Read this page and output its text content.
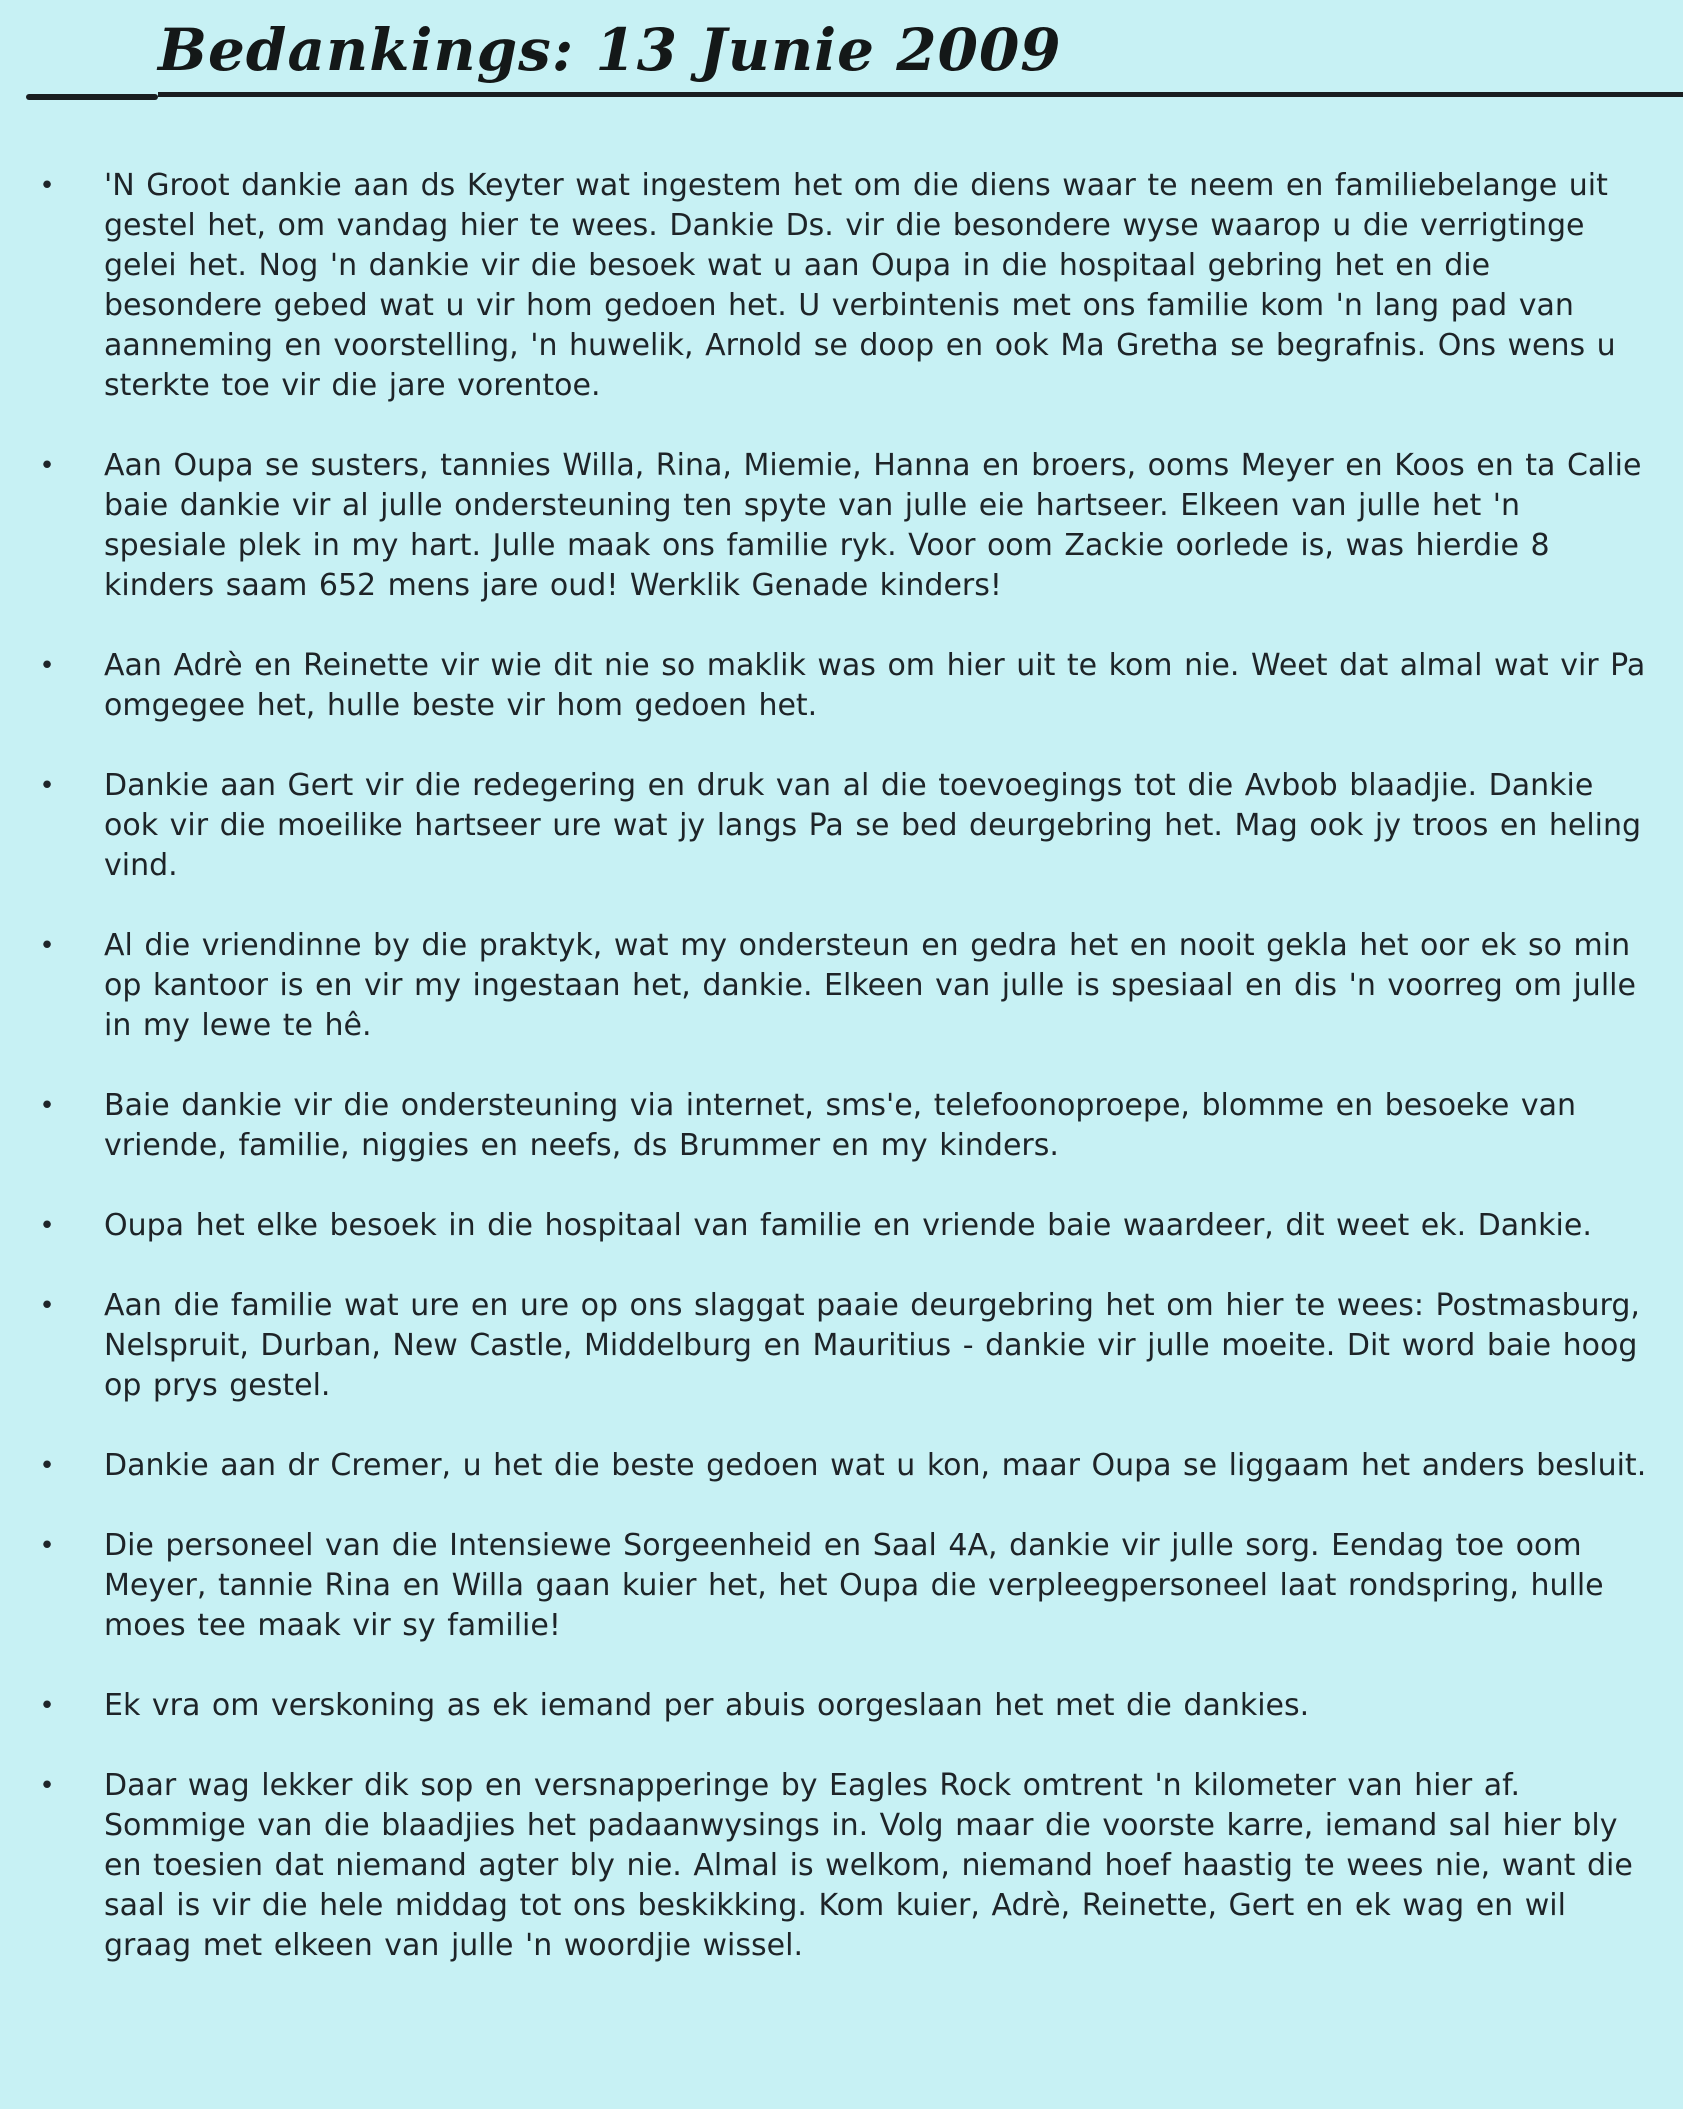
Bedankings: 13 Junie 2009
• 'N Groot dankie aan ds Keyter wat ingestem het om die diens waar te neem en familiebelange uit gestel het, om vandag hier te wees. Dankie Ds. vir die besondere wyse waarop u die verrigtinge gelei het. Nog 'n dankie vir die besoek wat u aan Oupa in die hospitaal gebring het en die besondere gebed wat u vir hom gedoen het. U verbintenis met ons familie kom 'n lang pad van aanneming en voorstelling, 'n huwelik, Arnold se doop en ook Ma Gretha se begrafnis. Ons wens u sterkte toe vir die jare vorentoe.
• Aan Oupa se susters, tannies Willa, Rina, Miemie, Hanna en broers, ooms Meyer en Koos en ta Calie baie dankie vir al julle ondersteuning ten spyte van julle eie hartseer. Elkeen van julle het 'n spesiale plek in my hart. Julle maak ons familie ryk. Voor oom Zackie oorlede is, was hierdie 8 kinders saam 652 mens jare oud! Werklik Genade kinders!
• Aan Adrè en Reinette vir wie dit nie so maklik was om hier uit te kom nie. Weet dat almal wat vir Pa omgegee het, hulle beste vir hom gedoen het.
• Dankie aan Gert vir die redegering en druk van al die toevoegings tot die Avbob blaadjie. Dankie ook vir die moeilike hartseer ure wat jy langs Pa se bed deurgebring het. Mag ook jy troos en heling vind.
• Al die vriendinne by die praktyk, wat my ondersteun en gedra het en nooit gekla het oor ek so min op kantoor is en vir my ingestaan het, dankie. Elkeen van julle is spesiaal en dis 'n voorreg om julle in my lewe te hê.
• Baie dankie vir die ondersteuning via internet, sms'e, telefoonoproepe, blomme en besoeke van vriende, familie, niggies en neefs, ds Brummer en my kinders.
• Oupa het elke besoek in die hospitaal van familie en vriende baie waardeer, dit weet ek. Dankie.
• Aan die familie wat ure en ure op ons slaggat paaie deurgebring het om hier te wees: Postmasburg, Nelspruit, Durban, New Castle, Middelburg en Mauritius - dankie vir julle moeite. Dit word baie hoog op prys gestel.
• Dankie aan dr Cremer, u het die beste gedoen wat u kon, maar Oupa se liggaam het anders besluit.
• Die personeel van die Intensiewe Sorgeenheid en Saal 4A, dankie vir julle sorg. Eendag toe oom Meyer, tannie Rina en Willa gaan kuier het, het Oupa die verpleegpersoneel laat rondspring, hulle moes tee maak vir sy familie!
• Ek vra om verskoning as ek iemand per abuis oorgeslaan het met die dankies.
• Daar wag lekker dik sop en versnapperinge by Eagles Rock omtrent 'n kilometer van hier af. Sommige van die blaadjies het padaanwysings in. Volg maar die voorste karre, iemand sal hier bly en toesien dat niemand agter bly nie. Almal is welkom, niemand hoef haastig te wees nie, want die saal is vir die hele middag tot ons beskikking. Kom kuier, Adrè, Reinette, Gert en ek wag en wil graag met elkeen van julle 'n woordjie wissel.
